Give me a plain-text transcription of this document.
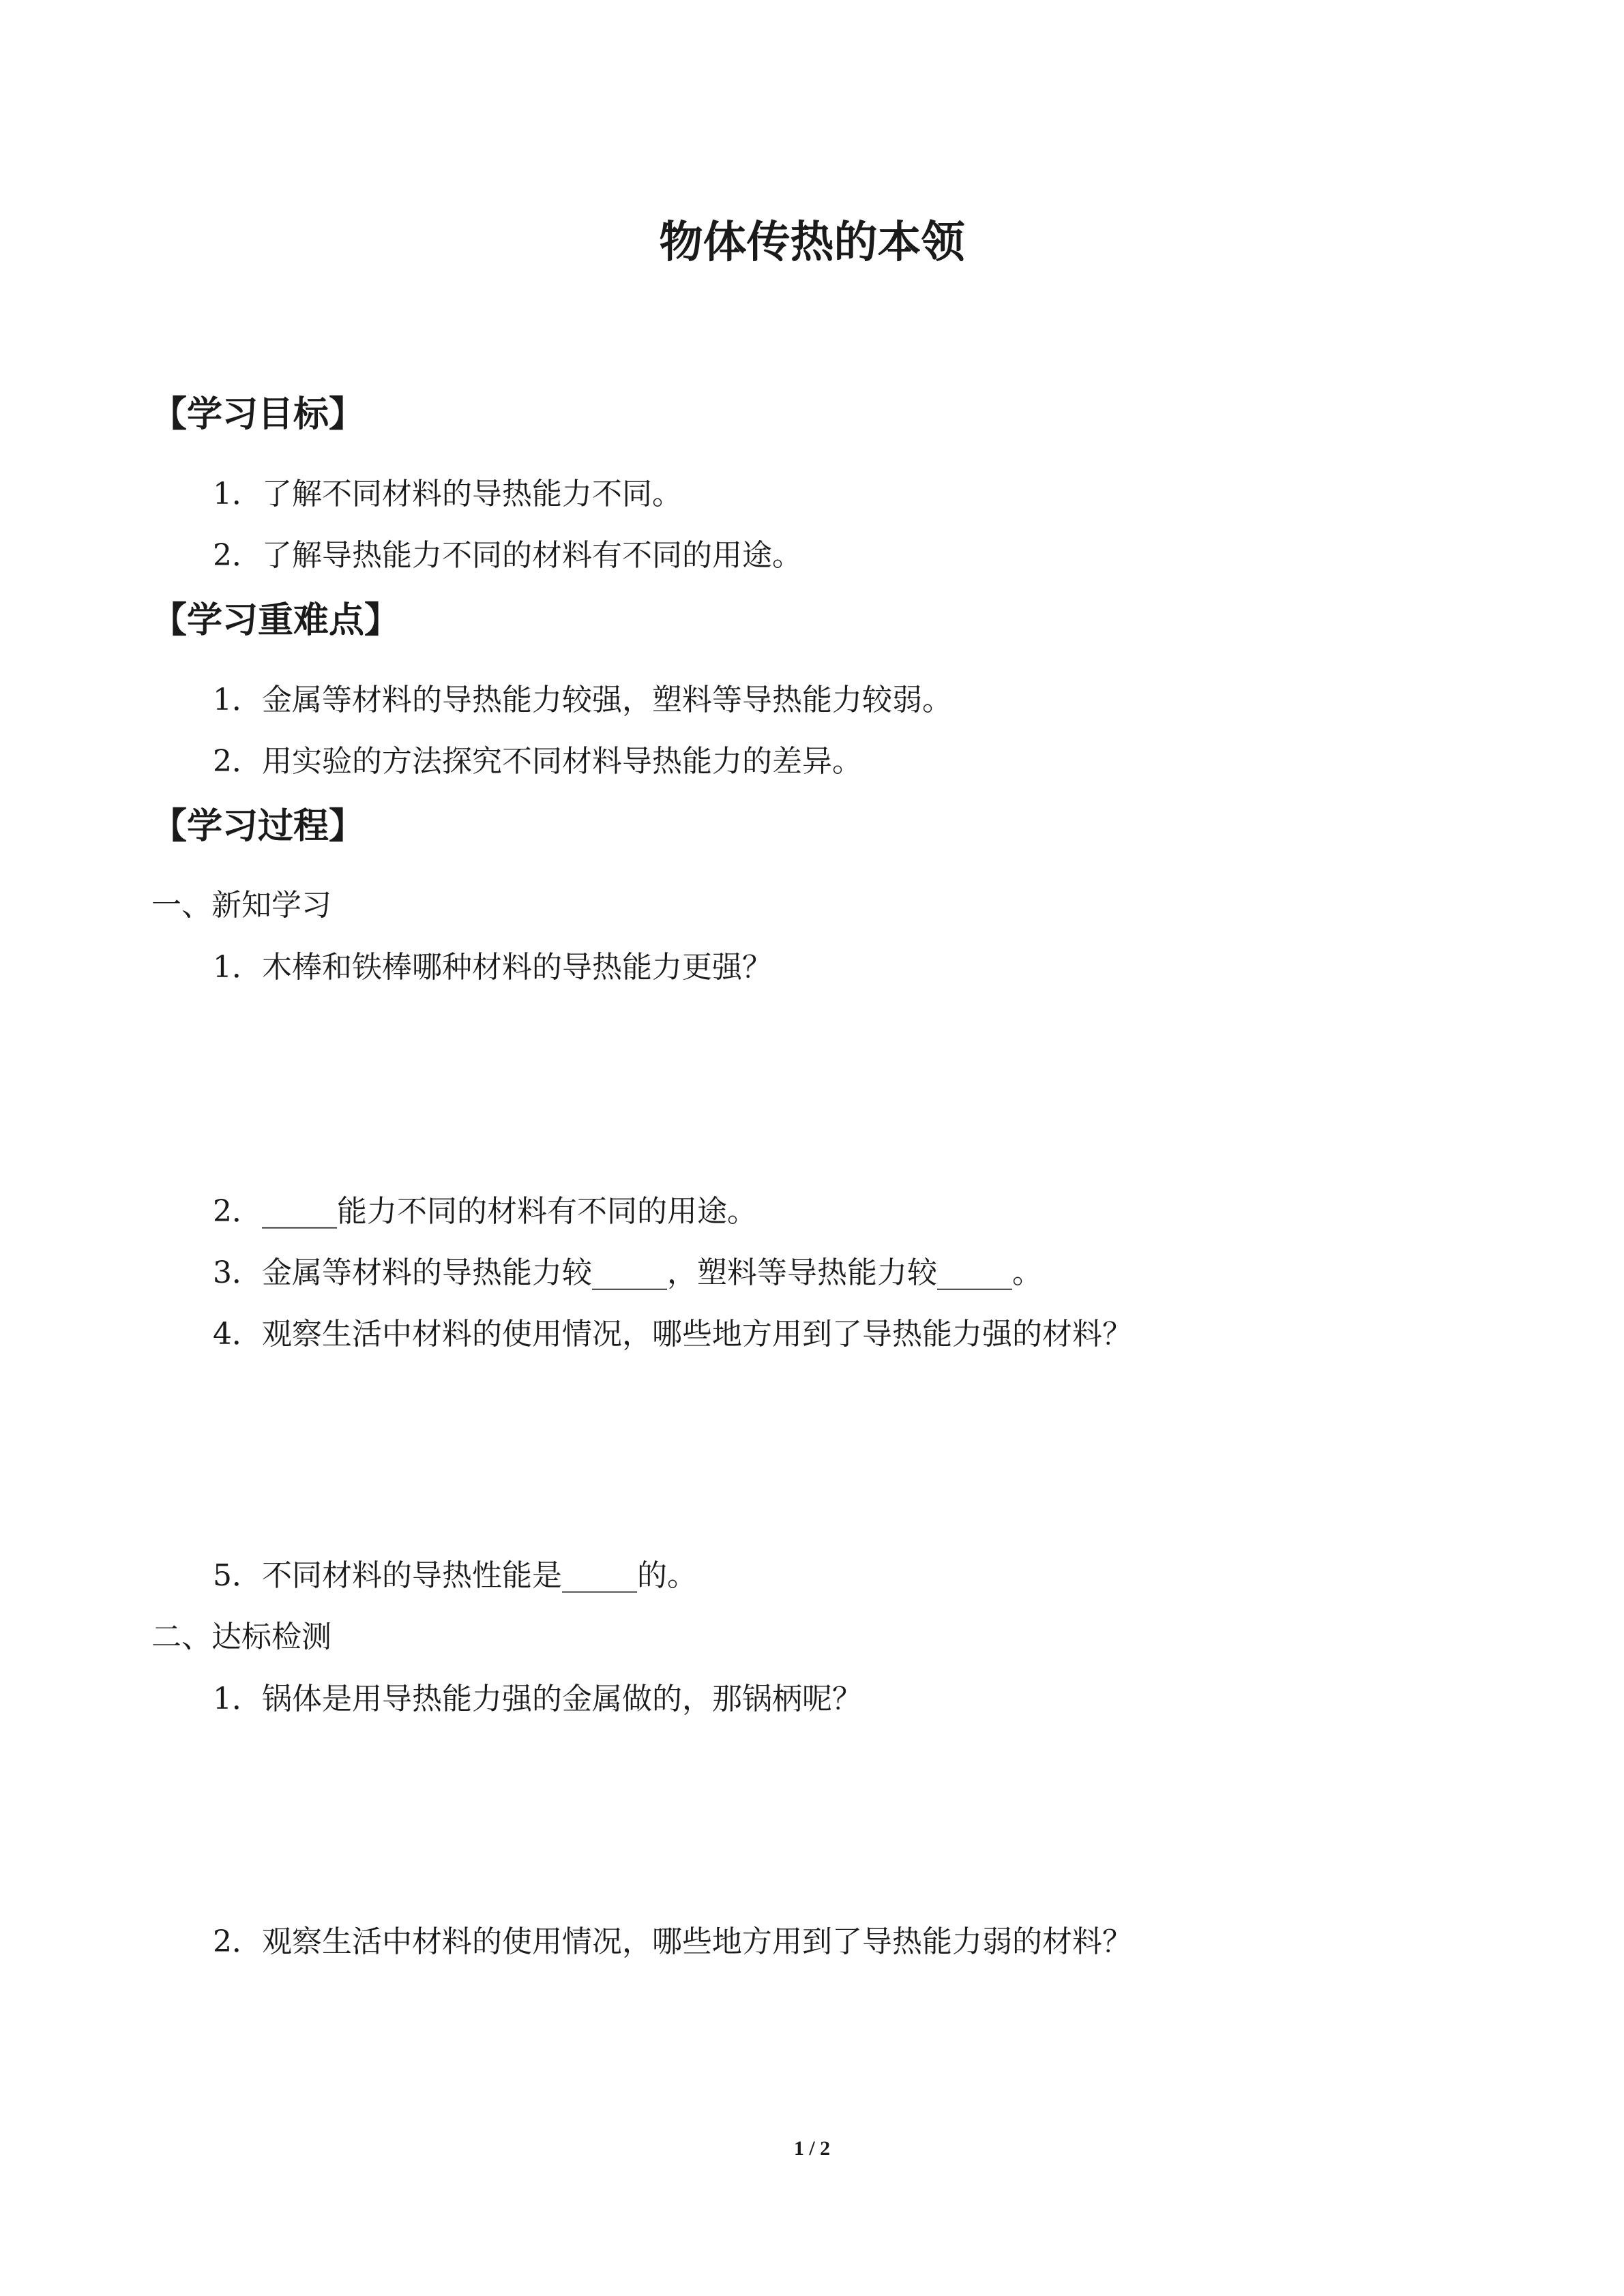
物体传热的本领
【学习目标】
1．了解不同材料的导热能力不同。
2．了解导热能力不同的材料有不同的用途。
【学习重难点】
1．金属等材料的导热能力较强，塑料等导热能力较弱。
2．用实验的方法探究不同材料导热能力的差异。
【学习过程】
一、新知学习
1．木棒和铁棒哪种材料的导热能力更强？
2．_____能力不同的材料有不同的用途。
3．金属等材料的导热能力较_____，塑料等导热能力较_____。
4．观察生活中材料的使用情况，哪些地方用到了导热能力强的材料？
5．不同材料的导热性能是_____的。
二、达标检测
1．锅体是用导热能力强的金属做的，那锅柄呢？
2．观察生活中材料的使用情况，哪些地方用到了导热能力弱的材料？
1 / 2
